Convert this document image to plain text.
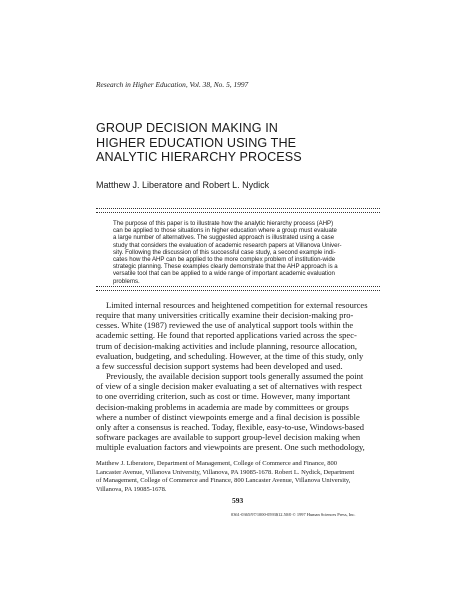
Research in Higher Education, Vol. 38, No. 5, 1997
GROUP DECISION MAKING IN
HIGHER EDUCATION USING THE
ANALYTIC HIERARCHY PROCESS
Matthew J. Liberatore and Robert L. Nydick
The purpose of this paper is to illustrate how the analytic hierarchy process (AHP)
can be applied to those situations in higher education where a group must evaluate
a large number of alternatives. The suggested approach is illustrated using a case
study that considers the evaluation of academic research papers at Villanova Univer-
sity. Following the discussion of this successful case study, a second example indi-
cates how the AHP can be applied to the more complex problem of institution-wide
strategic planning. These examples clearly demonstrate that the AHP approach is a
versatile tool that can be applied to a wide range of important academic evaluation
problems.
Limited internal resources and heightened competition for external resources
require that many universities critically examine their decision-making pro-
cesses. White (1987) reviewed the use of analytical support tools within the
academic setting. He found that reported applications varied across the spec-
trum of decision-making activities and include planning, resource allocation,
evaluation, budgeting, and scheduling. However, at the time of this study, only
a few successful decision support systems had been developed and used.
Previously, the available decision support tools generally assumed the point
of view of a single decision maker evaluating a set of alternatives with respect
to one overriding criterion, such as cost or time. However, many important
decision-making problems in academia are made by committees or groups
where a number of distinct viewpoints emerge and a final decision is possible
only after a consensus is reached. Today, flexible, easy-to-use, Windows-based
software packages are available to support group-level decision making when
multiple evaluation factors and viewpoints are present. One such methodology,
Matthew J. Liberatore, Department of Management, College of Commerce and Finance, 800
Lancaster Avenue, Villanova University, Villanova, PA 19085-1678. Robert L. Nydick, Department
of Management, College of Commerce and Finance, 800 Lancaster Avenue, Villanova University,
Villanova, PA 19085-1678.
593
0361-0365/97/1000-0593$12.50/0 © 1997 Human Sciences Press, Inc.
